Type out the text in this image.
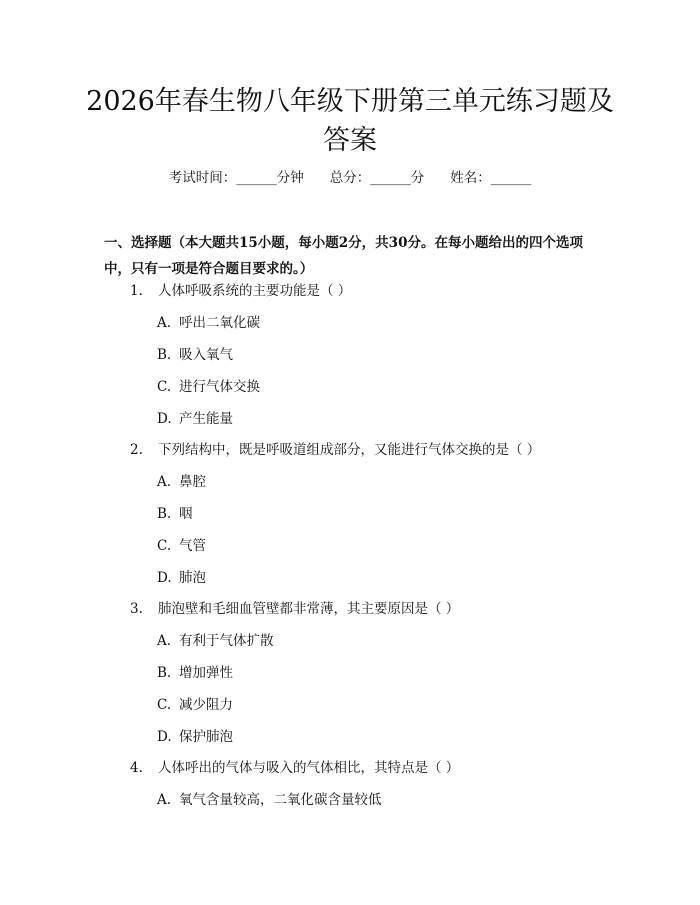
2026年春生物八年级下册第三单元练习题及答案
考试时间：______分钟 总分：______分 姓名：______

一、选择题（本大题共15小题，每小题2分，共30分。在每小题给出的四个选项中，只有一项是符合题目要求的。）

1. 人体呼吸系统的主要功能是（ ）
A. 呼出二氧化碳
B. 吸入氧气
C. 进行气体交换
D. 产生能量
2. 下列结构中，既是呼吸道组成部分，又能进行气体交换的是（ ）
A. 鼻腔
B. 咽
C. 气管
D. 肺泡
3. 肺泡壁和毛细血管壁都非常薄，其主要原因是（ ）
A. 有利于气体扩散
B. 增加弹性
C. 减少阻力
D. 保护肺泡
4. 人体呼出的气体与吸入的气体相比，其特点是（ ）
A. 氧气含量较高，二氧化碳含量较低
